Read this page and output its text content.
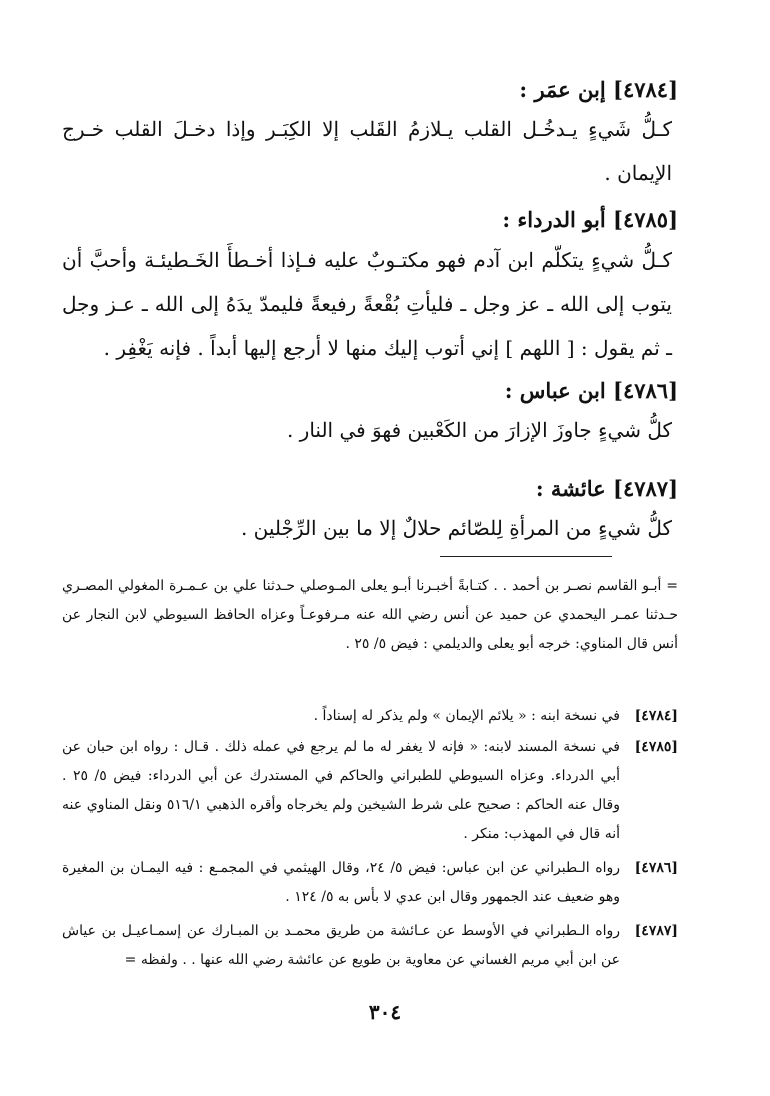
[٤٧٨٤] إبن عمَر :
كـلُّ شَيءٍ يـدخُـل القلب يـلازمُ القَلب إلا الكِبَـر وإذا دخـلَ القلب خـرج الإيمان .
[٤٧٨٥] أبو الدرداء :
كـلُّ شيءٍ يتكلّم ابن آدم فهو مكتـوبٌ عليه فـإذا أخـطأَ الخَـطيئـة وأحبَّ أن يتوب إلى الله ـ عز وجل ـ فليأتِ بُقْعةً رفيعةً فليمدّ يدَهُ إلى الله ـ عـز وجل ـ ثم يقول : [ اللهم ] إني أتوب إليك منها لا أرجع إليها أبداً . فإنه يَغْفِر .
[٤٧٨٦] ابن عباس :
كلُّ شيءٍ جاوزَ الإزارَ من الكَعْبين فهوَ في النار .
[٤٧٨٧] عائشة :
كلُّ شيءٍ من المرأةِ لِلصّائم حلالٌ إلا ما بين الرِّجْلين .
= أبـو القاسم نصـر بن أحمد . . كتـابةً أخبـرنا أبـو يعلى المـوصلي حـدثنا علي بن عـمـرة المغولي المصـري حـدثنا عمـر اليحمدي عن حميد عن أنس رضي الله عنه مـرفوعـاً وعزاه الحافظ السيوطي لابن النجار عن أنس قال المناوي: خرجه أبو يعلى والديلمي : فيض ٥/ ٢٥ .
[٤٧٨٤]
في نسخة ابنه : « يلائم الإيمان » ولم يذكر له إسناداً .
[٤٧٨٥]
في نسخة المسند لابنه: « فإنه لا يغفر له ما لم يرجع في عمله ذلك . قـال : رواه ابن حبان عن أبي الدرداء. وعزاه السيوطي للطبراني والحاكم في المستدرك عن أبي الدرداء: فيض ٥/ ٢٥ . وقال عنه الحاكم : صحيح على شرط الشيخين ولم يخرجاه وأقره الذهبي ٥١٦/١ ونقل المناوي عنه أنه قال في المهذب: منكر .
[٤٧٨٦]
رواه الـطبراني عن ابن عباس: فيض ٥/ ٢٤، وقال الهيثمي في المجمـع : فيه اليمـان بن المغيرة وهو ضعيف عند الجمهور وقال ابن عدي لا بأس به ٥/ ١٢٤ .
[٤٧٨٧]
رواه الـطبراني في الأوسط عن عـائشة من طريق محمـد بن المبـارك عن إسمـاعيـل بن عياش عن ابن أبي مريم الغساني عن معاوية بن طويع عن عائشة رضي الله عنها . . ولفظه =
٣٠٤
